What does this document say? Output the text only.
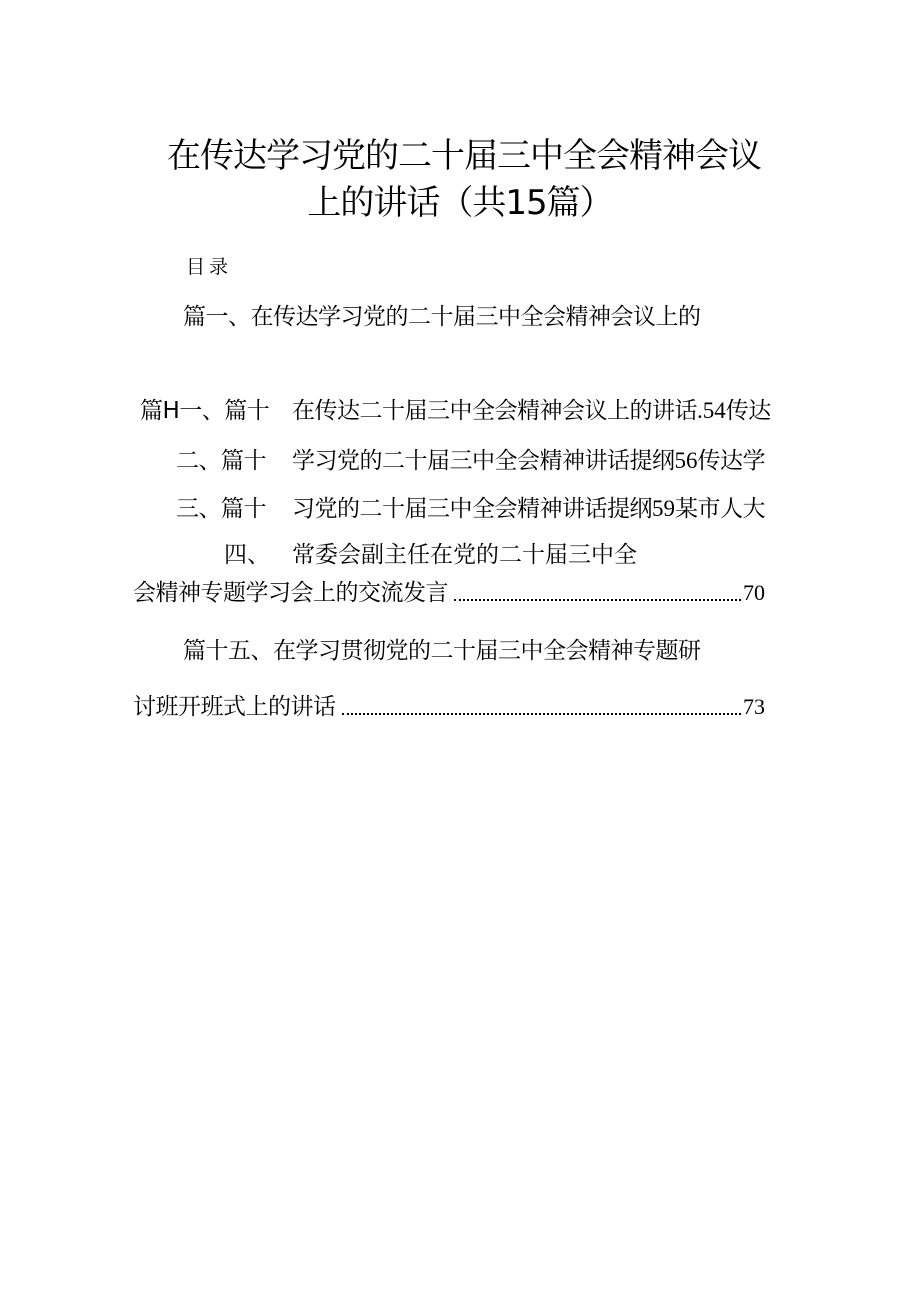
在传达学习党的二十届三中全会精神会议
上的讲话（共15篇）
目录
篇一、在传达学习党的二十届三中全会精神会议上的
篇H一、篇十 在传达二十届三中全会精神会议上的讲话.54传达
二、篇十 学习党的二十届三中全会精神讲话提纲56传达学
三、篇十 习党的二十届三中全会精神讲话提纲59某市人大
四、 常委会副主任在党的二十届三中全
会精神专题学习会上的交流发言	70
篇十五、在学习贯彻党的二十届三中全会精神专题研
讨班开班式上的讲话	73
